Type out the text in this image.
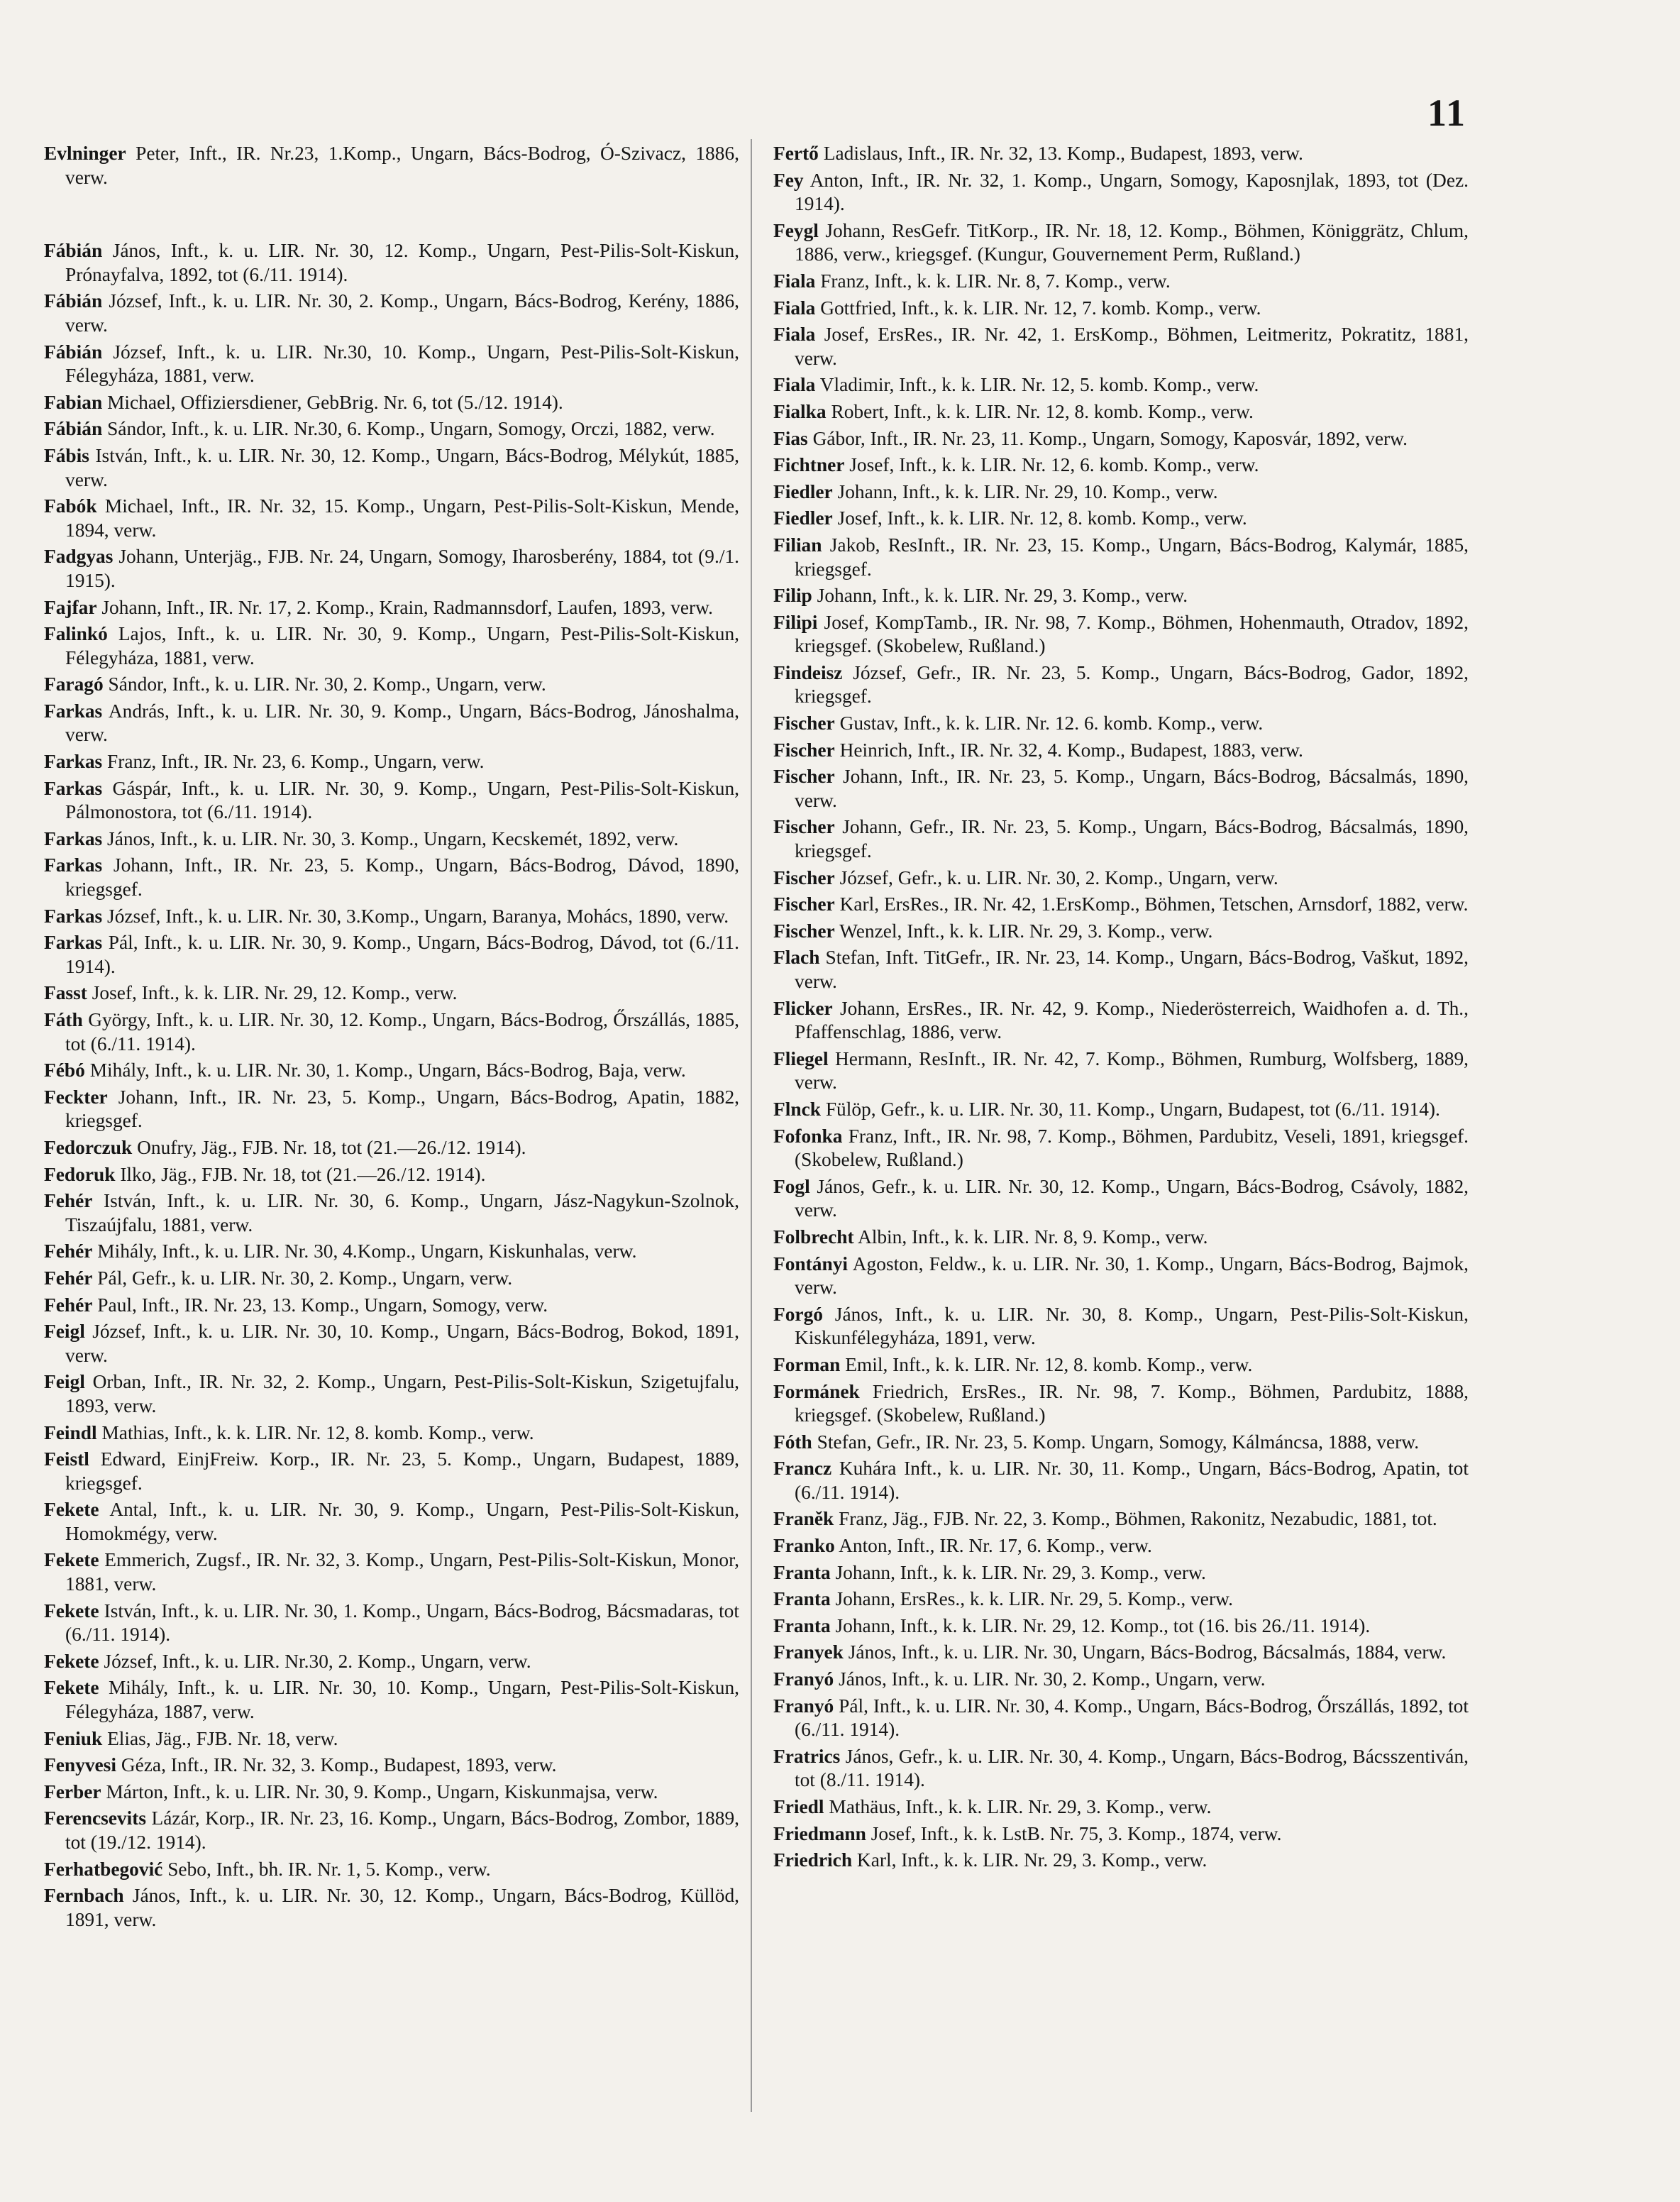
11

Evlninger Peter, Inft., IR. Nr.23, 1.Komp., Ungarn, Bács-Bodrog, Ó-Szivacz, 1886, verw.

Fábián János, Inft., k. u. LIR. Nr. 30, 12. Komp., Ungarn, Pest-Pilis-Solt-Kiskun, Prónayfalva, 1892, tot (6./11. 1914).

Fábián József, Inft., k. u. LIR. Nr. 30, 2. Komp., Ungarn, Bács-Bodrog, Kerény, 1886, verw.

Fábián József, Inft., k. u. LIR. Nr.30, 10. Komp., Ungarn, Pest-Pilis-Solt-Kiskun, Félegyháza, 1881, verw.

Fabian Michael, Offiziersdiener, GebBrig. Nr. 6, tot (5./12. 1914).

Fábián Sándor, Inft., k. u. LIR. Nr.30, 6. Komp., Ungarn, Somogy, Orczi, 1882, verw.

Fábis István, Inft., k. u. LIR. Nr. 30, 12. Komp., Ungarn, Bács-Bodrog, Mélykút, 1885, verw.

Fabók Michael, Inft., IR. Nr. 32, 15. Komp., Ungarn, Pest-Pilis-Solt-Kiskun, Mende, 1894, verw.

Fadgyas Johann, Unterjäg., FJB. Nr. 24, Ungarn, Somogy, Iharosberény, 1884, tot (9./1. 1915).

Fajfar Johann, Inft., IR. Nr. 17, 2. Komp., Krain, Radmannsdorf, Laufen, 1893, verw.

Falinkó Lajos, Inft., k. u. LIR. Nr. 30, 9. Komp., Ungarn, Pest-Pilis-Solt-Kiskun, Félegyháza, 1881, verw.

Faragó Sándor, Inft., k. u. LIR. Nr. 30, 2. Komp., Ungarn, verw.

Farkas András, Inft., k. u. LIR. Nr. 30, 9. Komp., Ungarn, Bács-Bodrog, Jánoshalma, verw.

Farkas Franz, Inft., IR. Nr. 23, 6. Komp., Ungarn, verw.

Farkas Gáspár, Inft., k. u. LIR. Nr. 30, 9. Komp., Ungarn, Pest-Pilis-Solt-Kiskun, Pálmonostora, tot (6./11. 1914).

Farkas János, Inft., k. u. LIR. Nr. 30, 3. Komp., Ungarn, Kecskemét, 1892, verw.

Farkas Johann, Inft., IR. Nr. 23, 5. Komp., Ungarn, Bács-Bodrog, Dávod, 1890, kriegsgef.

Farkas József, Inft., k. u. LIR. Nr. 30, 3.Komp., Ungarn, Baranya, Mohács, 1890, verw.

Farkas Pál, Inft., k. u. LIR. Nr. 30, 9. Komp., Ungarn, Bács-Bodrog, Dávod, tot (6./11. 1914).

Fasst Josef, Inft., k. k. LIR. Nr. 29, 12. Komp., verw.

Fáth György, Inft., k. u. LIR. Nr. 30, 12. Komp., Ungarn, Bács-Bodrog, Őrszállás, 1885, tot (6./11. 1914).

Fébó Mihály, Inft., k. u. LIR. Nr. 30, 1. Komp., Ungarn, Bács-Bodrog, Baja, verw.

Feckter Johann, Inft., IR. Nr. 23, 5. Komp., Ungarn, Bács-Bodrog, Apatin, 1882, kriegsgef.

Fedorczuk Onufry, Jäg., FJB. Nr. 18, tot (21.—26./12. 1914).

Fedoruk Ilko, Jäg., FJB. Nr. 18, tot (21.—26./12. 1914).

Fehér István, Inft., k. u. LIR. Nr. 30, 6. Komp., Ungarn, Jász-Nagykun-Szolnok, Tiszaújfalu, 1881, verw.

Fehér Mihály, Inft., k. u. LIR. Nr. 30, 4.Komp., Ungarn, Kiskunhalas, verw.

Fehér Pál, Gefr., k. u. LIR. Nr. 30, 2. Komp., Ungarn, verw.

Fehér Paul, Inft., IR. Nr. 23, 13. Komp., Ungarn, Somogy, verw.

Feigl József, Inft., k. u. LIR. Nr. 30, 10. Komp., Ungarn, Bács-Bodrog, Bokod, 1891, verw.

Feigl Orban, Inft., IR. Nr. 32, 2. Komp., Ungarn, Pest-Pilis-Solt-Kiskun, Szigetujfalu, 1893, verw.

Feindl Mathias, Inft., k. k. LIR. Nr. 12, 8. komb. Komp., verw.

Feistl Edward, EinjFreiw. Korp., IR. Nr. 23, 5. Komp., Ungarn, Budapest, 1889, kriegsgef.

Fekete Antal, Inft., k. u. LIR. Nr. 30, 9. Komp., Ungarn, Pest-Pilis-Solt-Kiskun, Homokmégy, verw.

Fekete Emmerich, Zugsf., IR. Nr. 32, 3. Komp., Ungarn, Pest-Pilis-Solt-Kiskun, Monor, 1881, verw.

Fekete István, Inft., k. u. LIR. Nr. 30, 1. Komp., Ungarn, Bács-Bodrog, Bácsmadaras, tot (6./11. 1914).

Fekete József, Inft., k. u. LIR. Nr.30, 2. Komp., Ungarn, verw.

Fekete Mihály, Inft., k. u. LIR. Nr. 30, 10. Komp., Ungarn, Pest-Pilis-Solt-Kiskun, Félegyháza, 1887, verw.

Feniuk Elias, Jäg., FJB. Nr. 18, verw.

Fenyvesi Géza, Inft., IR. Nr. 32, 3. Komp., Budapest, 1893, verw.

Ferber Márton, Inft., k. u. LIR. Nr. 30, 9. Komp., Ungarn, Kiskunmajsa, verw.

Ferencsevits Lázár, Korp., IR. Nr. 23, 16. Komp., Ungarn, Bács-Bodrog, Zombor, 1889, tot (19./12. 1914).

Ferhatbegović Sebo, Inft., bh. IR. Nr. 1, 5. Komp., verw.

Fernbach János, Inft., k. u. LIR. Nr. 30, 12. Komp., Ungarn, Bács-Bodrog, Küllöd, 1891, verw.

Fertő Ladislaus, Inft., IR. Nr. 32, 13. Komp., Budapest, 1893, verw.

Fey Anton, Inft., IR. Nr. 32, 1. Komp., Ungarn, Somogy, Kaposnjlak, 1893, tot (Dez. 1914).

Feygl Johann, ResGefr. TitKorp., IR. Nr. 18, 12. Komp., Böhmen, Königgrätz, Chlum, 1886, verw., kriegsgef. (Kungur, Gouvernement Perm, Rußland.)

Fiala Franz, Inft., k. k. LIR. Nr. 8, 7. Komp., verw.

Fiala Gottfried, Inft., k. k. LIR. Nr. 12, 7. komb. Komp., verw.

Fiala Josef, ErsRes., IR. Nr. 42, 1. ErsKomp., Böhmen, Leitmeritz, Pokratitz, 1881, verw.

Fiala Vladimir, Inft., k. k. LIR. Nr. 12, 5. komb. Komp., verw.

Fialka Robert, Inft., k. k. LIR. Nr. 12, 8. komb. Komp., verw.

Fias Gábor, Inft., IR. Nr. 23, 11. Komp., Ungarn, Somogy, Kaposvár, 1892, verw.

Fichtner Josef, Inft., k. k. LIR. Nr. 12, 6. komb. Komp., verw.

Fiedler Johann, Inft., k. k. LIR. Nr. 29, 10. Komp., verw.

Fiedler Josef, Inft., k. k. LIR. Nr. 12, 8. komb. Komp., verw.

Filian Jakob, ResInft., IR. Nr. 23, 15. Komp., Ungarn, Bács-Bodrog, Kalymár, 1885, kriegsgef.

Filip Johann, Inft., k. k. LIR. Nr. 29, 3. Komp., verw.

Filipi Josef, KompTamb., IR. Nr. 98, 7. Komp., Böhmen, Hohenmauth, Otradov, 1892, kriegsgef. (Skobelew, Rußland.)

Findeisz József, Gefr., IR. Nr. 23, 5. Komp., Ungarn, Bács-Bodrog, Gador, 1892, kriegsgef.

Fischer Gustav, Inft., k. k. LIR. Nr. 12. 6. komb. Komp., verw.

Fischer Heinrich, Inft., IR. Nr. 32, 4. Komp., Budapest, 1883, verw.

Fischer Johann, Inft., IR. Nr. 23, 5. Komp., Ungarn, Bács-Bodrog, Bácsalmás, 1890, verw.

Fischer Johann, Gefr., IR. Nr. 23, 5. Komp., Ungarn, Bács-Bodrog, Bácsalmás, 1890, kriegsgef.

Fischer József, Gefr., k. u. LIR. Nr. 30, 2. Komp., Ungarn, verw.

Fischer Karl, ErsRes., IR. Nr. 42, 1.ErsKomp., Böhmen, Tetschen, Arnsdorf, 1882, verw.

Fischer Wenzel, Inft., k. k. LIR. Nr. 29, 3. Komp., verw.

Flach Stefan, Inft. TitGefr., IR. Nr. 23, 14. Komp., Ungarn, Bács-Bodrog, Vaškut, 1892, verw.

Flicker Johann, ErsRes., IR. Nr. 42, 9. Komp., Niederösterreich, Waidhofen a. d. Th., Pfaffenschlag, 1886, verw.

Fliegel Hermann, ResInft., IR. Nr. 42, 7. Komp., Böhmen, Rumburg, Wolfsberg, 1889, verw.

Flnck Fülöp, Gefr., k. u. LIR. Nr. 30, 11. Komp., Ungarn, Budapest, tot (6./11. 1914).

Fofonka Franz, Inft., IR. Nr. 98, 7. Komp., Böhmen, Pardubitz, Veseli, 1891, kriegsgef. (Skobelew, Rußland.)

Fogl János, Gefr., k. u. LIR. Nr. 30, 12. Komp., Ungarn, Bács-Bodrog, Csávoly, 1882, verw.

Folbrecht Albin, Inft., k. k. LIR. Nr. 8, 9. Komp., verw.

Fontányi Agoston, Feldw., k. u. LIR. Nr. 30, 1. Komp., Ungarn, Bács-Bodrog, Bajmok, verw.

Forgó János, Inft., k. u. LIR. Nr. 30, 8. Komp., Ungarn, Pest-Pilis-Solt-Kiskun, Kiskunfélegyháza, 1891, verw.

Forman Emil, Inft., k. k. LIR. Nr. 12, 8. komb. Komp., verw.

Formánek Friedrich, ErsRes., IR. Nr. 98, 7. Komp., Böhmen, Pardubitz, 1888, kriegsgef. (Skobelew, Rußland.)

Fóth Stefan, Gefr., IR. Nr. 23, 5. Komp. Ungarn, Somogy, Kálmáncsa, 1888, verw.

Francz Kuhára Inft., k. u. LIR. Nr. 30, 11. Komp., Ungarn, Bács-Bodrog, Apatin, tot (6./11. 1914).

Franěk Franz, Jäg., FJB. Nr. 22, 3. Komp., Böhmen, Rakonitz, Nezabudic, 1881, tot.

Franko Anton, Inft., IR. Nr. 17, 6. Komp., verw.

Franta Johann, Inft., k. k. LIR. Nr. 29, 3. Komp., verw.

Franta Johann, ErsRes., k. k. LIR. Nr. 29, 5. Komp., verw.

Franta Johann, Inft., k. k. LIR. Nr. 29, 12. Komp., tot (16. bis 26./11. 1914).

Franyek János, Inft., k. u. LIR. Nr. 30, Ungarn, Bács-Bodrog, Bácsalmás, 1884, verw.

Franyó János, Inft., k. u. LIR. Nr. 30, 2. Komp., Ungarn, verw.

Franyó Pál, Inft., k. u. LIR. Nr. 30, 4. Komp., Ungarn, Bács-Bodrog, Őrszállás, 1892, tot (6./11. 1914).

Fratrics János, Gefr., k. u. LIR. Nr. 30, 4. Komp., Ungarn, Bács-Bodrog, Bácsszentiván, tot (8./11. 1914).

Friedl Mathäus, Inft., k. k. LIR. Nr. 29, 3. Komp., verw.

Friedmann Josef, Inft., k. k. LstB. Nr. 75, 3. Komp., 1874, verw.

Friedrich Karl, Inft., k. k. LIR. Nr. 29, 3. Komp., verw.
